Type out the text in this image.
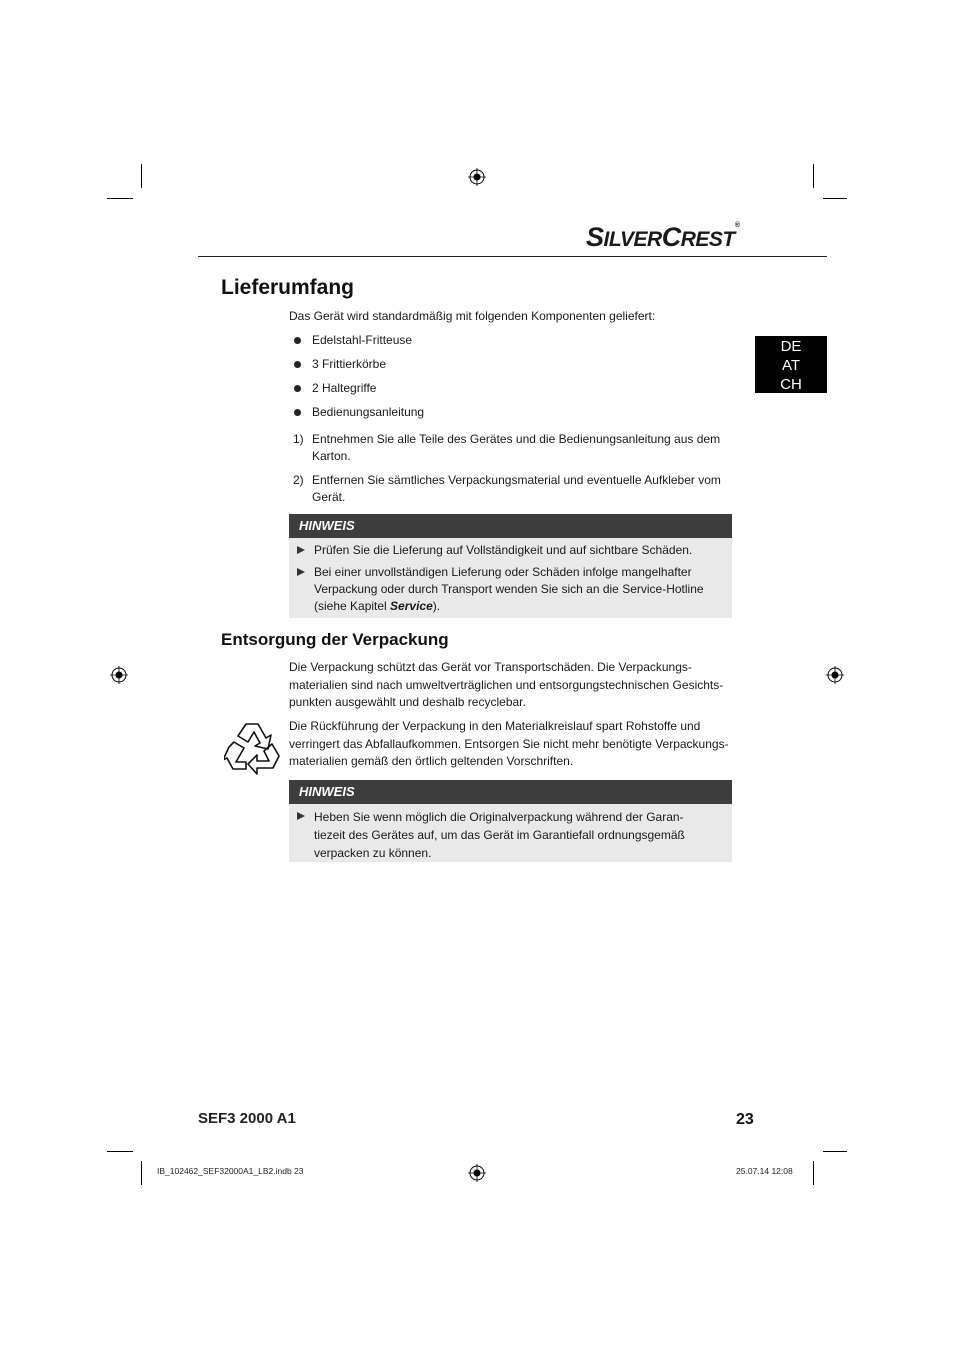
SILVERCREST®
DE
AT
CH
Lieferumfang
Das Gerät wird standardmäßig mit folgenden Komponenten geliefert:
Edelstahl-Fritteuse
3 Frittierkörbe
2 Haltegriffe
Bedienungsanleitung
1) Entnehmen Sie alle Teile des Gerätes und die Bedienungsanleitung aus dem Karton.
2) Entfernen Sie sämtliches Verpackungsmaterial und eventuelle Aufkleber vom Gerät.
HINWEIS
Prüfen Sie die Lieferung auf Vollständigkeit und auf sichtbare Schäden.
Bei einer unvollständigen Lieferung oder Schäden infolge mangelhafter Verpackung oder durch Transport wenden Sie sich an die Service-Hotline (siehe Kapitel Service).
Entsorgung der Verpackung
Die Verpackung schützt das Gerät vor Transportschäden. Die Verpackungs-
materialien sind nach umweltverträglichen und entsorgungstechnischen Gesichts-
punkten ausgewählt und deshalb recyclebar.
Die Rückführung der Verpackung in den Materialkreislauf spart Rohstoffe und
verringert das Abfallaufkommen. Entsorgen Sie nicht mehr benötigte Verpackungs-
materialien gemäß den örtlich geltenden Vorschriften.
HINWEIS
Heben Sie wenn möglich die Originalverpackung während der Garan-
tiezeit des Gerätes auf, um das Gerät im Garantiefall ordnungsgemäß
verpacken zu können.
SEF3 2000 A1	23
IB_102462_SEF32000A1_LB2.indb 23	25.07.14 12:08
